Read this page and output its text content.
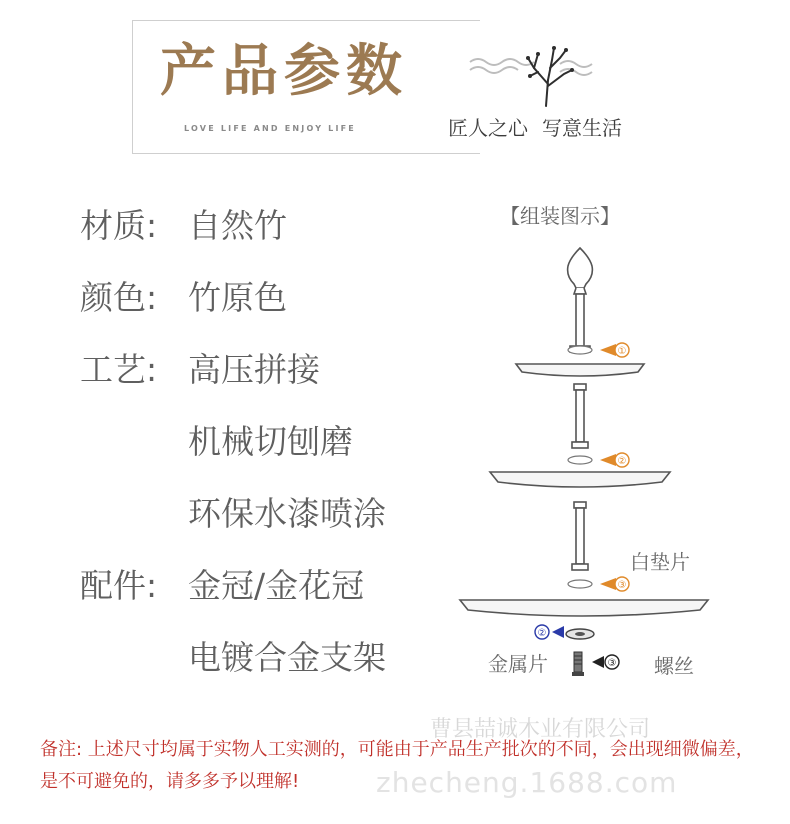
产品参数
LOVE LIFE AND ENJOY LIFE	匠人之心 写意生活
材质: 自然竹
颜色: 竹原色
工艺: 高压拼接
机械切刨磨
环保水漆喷涂
配件: 金冠/金花冠
电镀合金支架
【组装图示】
①
②
③
②
③
白垫片
金属片	螺丝
曹县喆诚木业有限公司
zhecheng.1688.com
备注: 上述尺寸均属于实物人工实测的，可能由于产品生产批次的不同，会出现细微偏差，是不可避免的，请多多予以理解!
